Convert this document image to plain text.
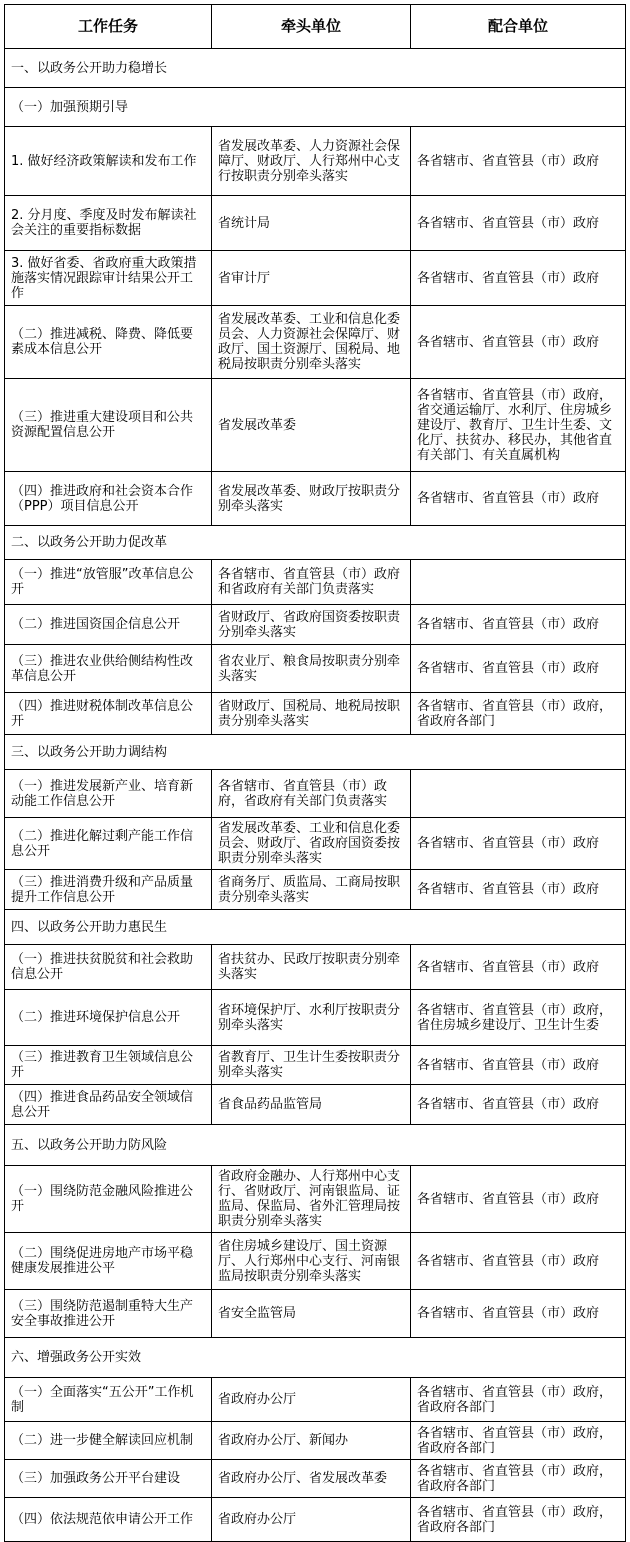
工作任务	牵头单位	配合单位
一、以政务公开助力稳增长		
（一）加强预期引导		
1. 做好经济政策解读和发布工作	省发展改革委、人力资源社会保障厅、财政厅、人行郑州中心支行按职责分别牵头落实	各省辖市、省直管县（市）政府
2. 分月度、季度及时发布解读社会关注的重要指标数据	省统计局	各省辖市、省直管县（市）政府
3. 做好省委、省政府重大政策措施落实情况跟踪审计结果公开工作	省审计厅	各省辖市、省直管县（市）政府
（二）推进减税、降费、降低要素成本信息公开	省发展改革委、工业和信息化委员会、人力资源社会保障厅、财政厅、国土资源厅、国税局、地税局按职责分别牵头落实	各省辖市、省直管县（市）政府
（三）推进重大建设项目和公共资源配置信息公开	省发展改革委	各省辖市、省直管县（市）政府，省交通运输厅、水利厅、住房城乡建设厅、教育厅、卫生计生委、文化厅、扶贫办、移民办，其他省直有关部门、有关直属机构
（四）推进政府和社会资本合作（PPP）项目信息公开	省发展改革委、财政厅按职责分别牵头落实	各省辖市、省直管县（市）政府
二、以政务公开助力促改革		
（一）推进“放管服”改革信息公开	各省辖市、省直管县（市）政府和省政府有关部门负责落实	
（二）推进国资国企信息公开	省财政厅、省政府国资委按职责分别牵头落实	各省辖市、省直管县（市）政府
（三）推进农业供给侧结构性改革信息公开	省农业厅、粮食局按职责分别牵头落实	各省辖市、省直管县（市）政府
（四）推进财税体制改革信息公开	省财政厅、国税局、地税局按职责分别牵头落实	各省辖市、省直管县（市）政府，省政府各部门
三、以政务公开助力调结构		
（一）推进发展新产业、培育新动能工作信息公开	各省辖市、省直管县（市）政府，省政府有关部门负责落实	
（二）推进化解过剩产能工作信息公开	省发展改革委、工业和信息化委员会、财政厅、省政府国资委按职责分别牵头落实	各省辖市、省直管县（市）政府
（三）推进消费升级和产品质量提升工作信息公开	省商务厅、质监局、工商局按职责分别牵头落实	各省辖市、省直管县（市）政府
四、以政务公开助力惠民生		
（一）推进扶贫脱贫和社会救助信息公开	省扶贫办、民政厅按职责分别牵头落实	各省辖市、省直管县（市）政府
（二）推进环境保护信息公开	省环境保护厅、水利厅按职责分别牵头落实	各省辖市、省直管县（市）政府，省住房城乡建设厅、卫生计生委
（三）推进教育卫生领域信息公开	省教育厅、卫生计生委按职责分别牵头落实	各省辖市、省直管县（市）政府
（四）推进食品药品安全领域信息公开	省食品药品监管局	各省辖市、省直管县（市）政府
五、以政务公开助力防风险		
（一）围绕防范金融风险推进公开	省政府金融办、人行郑州中心支行、省财政厅、河南银监局、证监局、保监局、省外汇管理局按职责分别牵头落实	各省辖市、省直管县（市）政府
（二）围绕促进房地产市场平稳健康发展推进公平	省住房城乡建设厅、国土资源厅、人行郑州中心支行、河南银监局按职责分别牵头落实	各省辖市、省直管县（市）政府
（三）围绕防范遏制重特大生产安全事故推进公开	省安全监管局	各省辖市、省直管县（市）政府
六、增强政务公开实效		
（一）全面落实“五公开”工作机制	省政府办公厅	各省辖市、省直管县（市）政府，省政府各部门
（二）进一步健全解读回应机制	省政府办公厅、新闻办	各省辖市、省直管县（市）政府，省政府各部门
（三）加强政务公开平台建设	省政府办公厅、省发展改革委	各省辖市、省直管县（市）政府，省政府各部门
（四）依法规范依申请公开工作	省政府办公厅	各省辖市、省直管县（市）政府，省政府各部门
